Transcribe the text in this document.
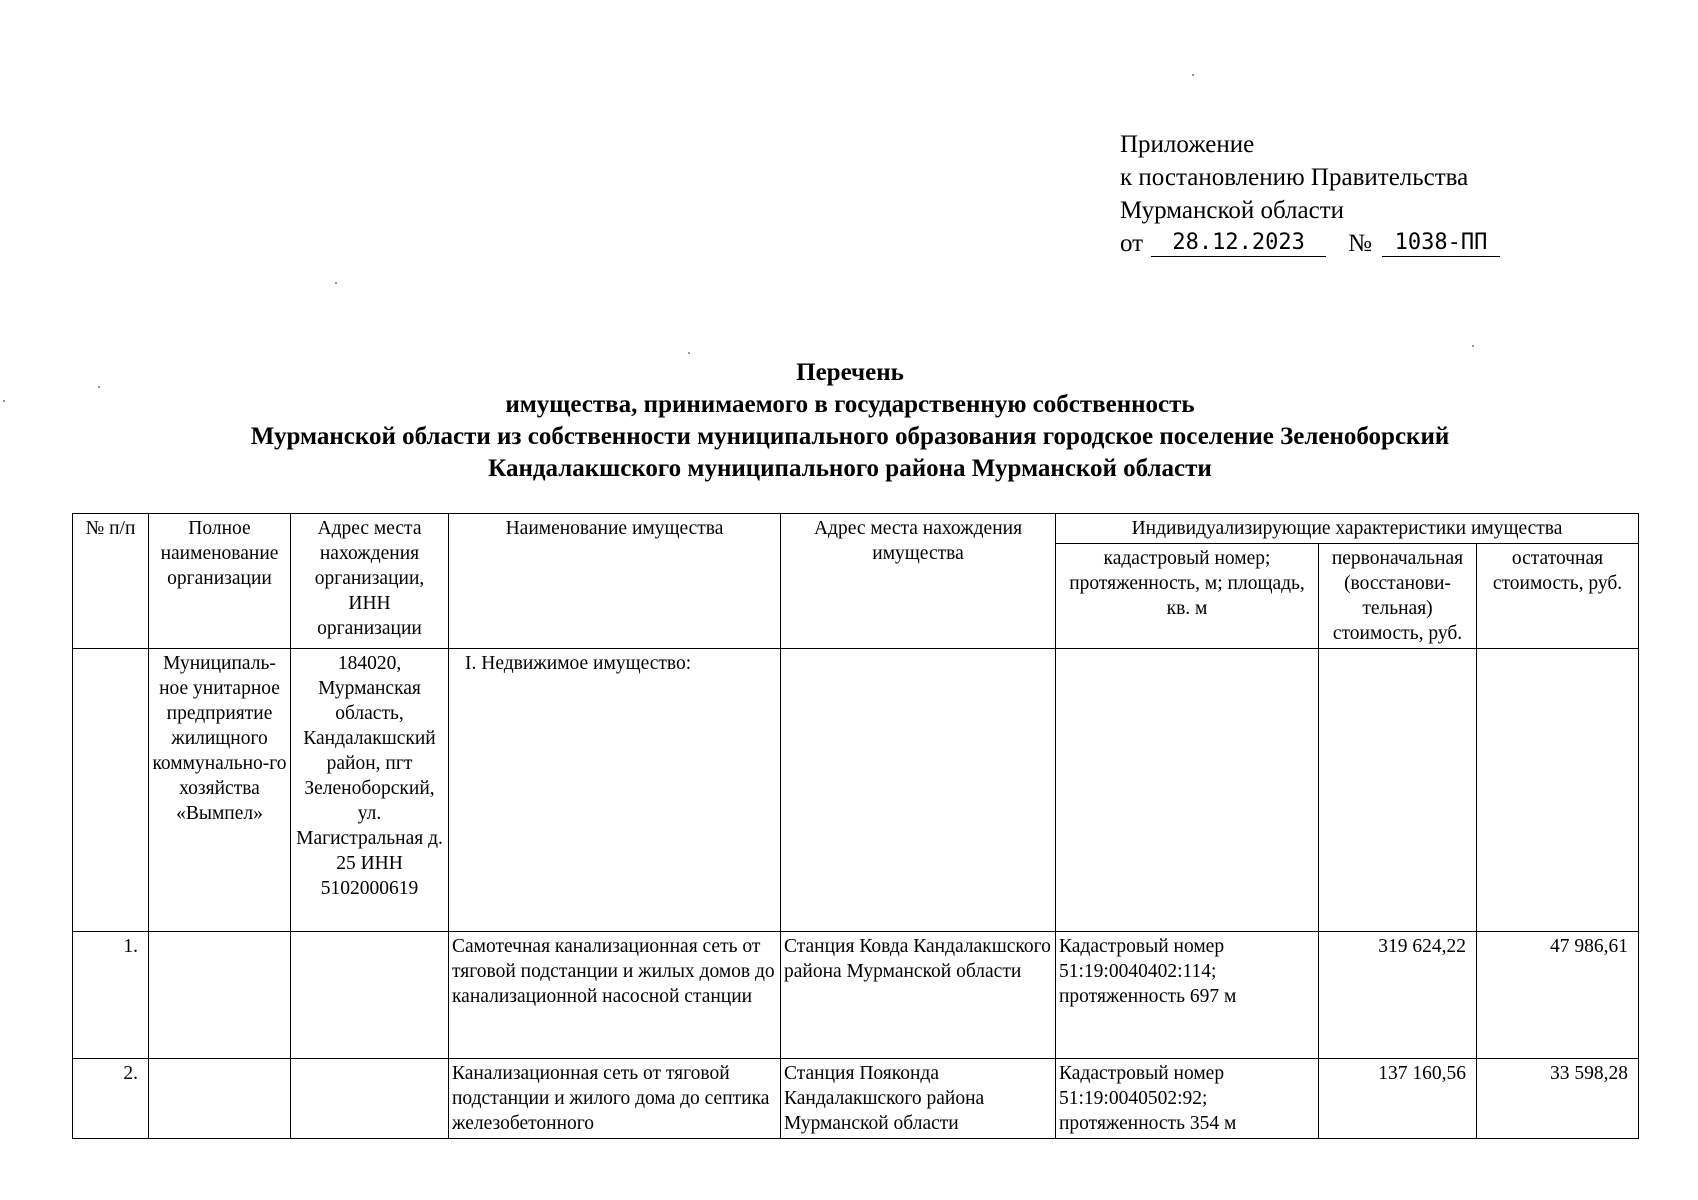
Приложение
к постановлению Правительства
Мурманской области
от 28.12.2023 № 1038-ПП
Перечень
имущества, принимаемого в государственную собственность
Мурманской области из собственности муниципального образования городское поселение Зеленоборский
Кандалакшского муниципального района Мурманской области
№ п/п	Полное наименование организации	Адрес места нахождения организации, ИНН организации	Наименование имущества	Адрес места нахождения имущества	Индивидуализирующие характеристики имущества		
					кадастровый номер; протяженность, м; площадь, кв. м	первоначальная (восстанови-тельная) стоимость, руб.	остаточная стоимость, руб.
	Муниципаль-ное унитарное предприятие жилищного коммунально-го хозяйства «Вымпел»	184020, Мурманская область, Кандалакшский район, пгт Зеленоборский, ул. Магистральная д. 25 ИНН 5102000619	I. Недвижимое имущество:				
1.			Самотечная канализационная сеть от тяговой подстанции и жилых домов до канализационной насосной станции	Станция Ковда Кандалакшского района Мурманской области	Кадастровый номер 51:19:0040402:114; протяженность 697 м	319 624,22	47 986,61
2.			Канализационная сеть от тяговой подстанции и жилого дома до септика железобетонного	Станция Пояконда Кандалакшского района Мурманской области	Кадастровый номер 51:19:0040502:92; протяженность 354 м	137 160,56	33 598,28
